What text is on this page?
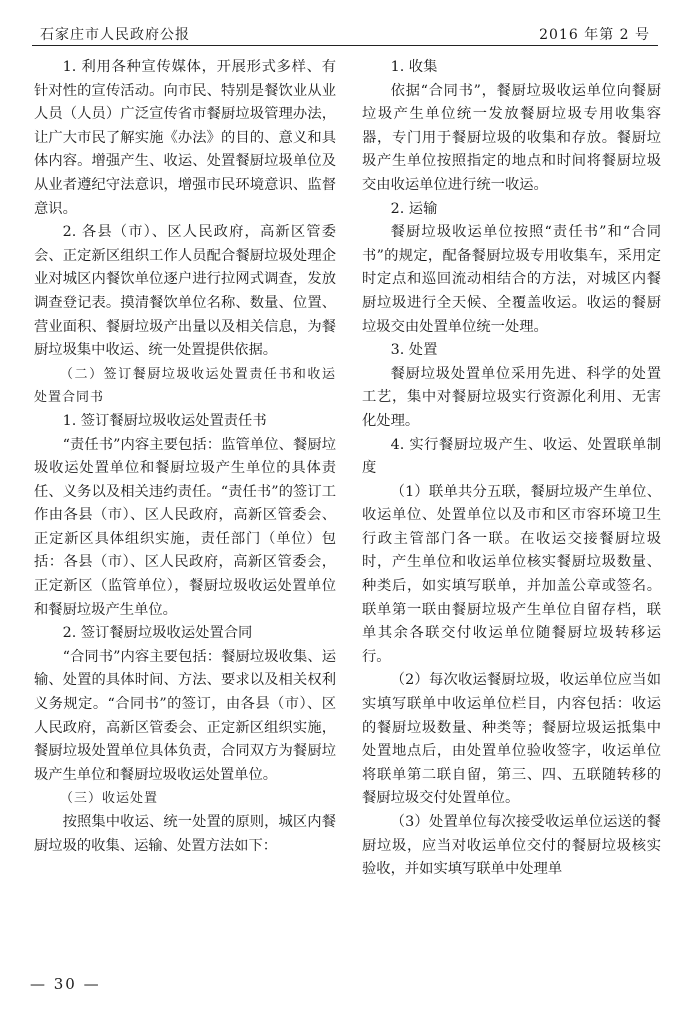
石家庄市人民政府公报	2016 年第 2 号

1. 利用各种宣传媒体，开展形式多样、有针对性的宣传活动。向市民、特别是餐饮业从业人员（人员）广泛宣传省市餐厨垃圾管理办法，让广大市民了解实施《办法》的目的、意义和具体内容。增强产生、收运、处置餐厨垃圾单位及从业者遵纪守法意识，增强市民环境意识、监督意识。

2. 各县（市）、区人民政府，高新区管委会、正定新区组织工作人员配合餐厨垃圾处理企业对城区内餐饮单位逐户进行拉网式调查，发放调查登记表。摸清餐饮单位名称、数量、位置、营业面积、餐厨垃圾产出量以及相关信息，为餐厨垃圾集中收运、统一处置提供依据。

（二）签订餐厨垃圾收运处置责任书和收运处置合同书

1. 签订餐厨垃圾收运处置责任书

“责任书”内容主要包括：监管单位、餐厨垃圾收运处置单位和餐厨垃圾产生单位的具体责任、义务以及相关违约责任。“责任书”的签订工作由各县（市）、区人民政府，高新区管委会、正定新区具体组织实施，责任部门（单位）包括：各县（市）、区人民政府，高新区管委会，正定新区（监管单位），餐厨垃圾收运处置单位和餐厨垃圾产生单位。

2. 签订餐厨垃圾收运处置合同

“合同书”内容主要包括：餐厨垃圾收集、运输、处置的具体时间、方法、要求以及相关权利义务规定。“合同书”的签订，由各县（市）、区人民政府，高新区管委会、正定新区组织实施，餐厨垃圾处置单位具体负责，合同双方为餐厨垃圾产生单位和餐厨垃圾收运处置单位。

（三）收运处置

按照集中收运、统一处置的原则，城区内餐厨垃圾的收集、运输、处置方法如下：

1. 收集

依据“合同书”，餐厨垃圾收运单位向餐厨垃圾产生单位统一发放餐厨垃圾专用收集容器，专门用于餐厨垃圾的收集和存放。餐厨垃圾产生单位按照指定的地点和时间将餐厨垃圾交由收运单位进行统一收运。

2. 运输

餐厨垃圾收运单位按照“责任书”和“合同书”的规定，配备餐厨垃圾专用收集车，采用定时定点和巡回流动相结合的方法，对城区内餐厨垃圾进行全天候、全覆盖收运。收运的餐厨垃圾交由处置单位统一处理。

3. 处置

餐厨垃圾处置单位采用先进、科学的处置工艺，集中对餐厨垃圾实行资源化利用、无害化处理。

4. 实行餐厨垃圾产生、收运、处置联单制度

（1）联单共分五联，餐厨垃圾产生单位、收运单位、处置单位以及市和区市容环境卫生行政主管部门各一联。在收运交接餐厨垃圾时，产生单位和收运单位核实餐厨垃圾数量、种类后，如实填写联单，并加盖公章或签名。联单第一联由餐厨垃圾产生单位自留存档，联单其余各联交付收运单位随餐厨垃圾转移运行。

（2）每次收运餐厨垃圾，收运单位应当如实填写联单中收运单位栏目，内容包括：收运的餐厨垃圾数量、种类等；餐厨垃圾运抵集中处置地点后，由处置单位验收签字，收运单位将联单第二联自留，第三、四、五联随转移的餐厨垃圾交付处置单位。

（3）处置单位每次接受收运单位运送的餐厨垃圾，应当对收运单位交付的餐厨垃圾核实验收，并如实填写联单中处理单

— 30 —
